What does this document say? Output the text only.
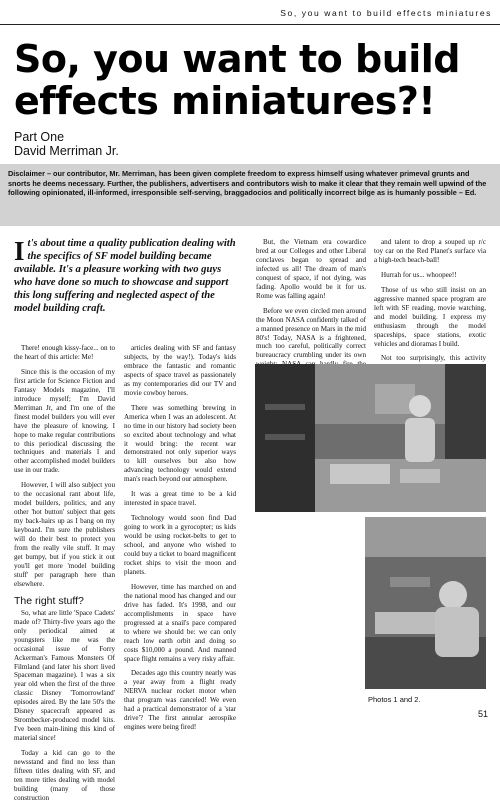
So, you want to build effects miniatures
So, you want to build effects miniatures?!
Part One
David Merriman Jr.
Disclaimer – our contributor, Mr. Merriman, has been given complete freedom to express himself using whatever primeval grunts and snorts he deems necessary. Further, the publishers, advertisers and contributors wish to make it clear that they remain well upwind of the following opinionated, ill-informed, irresponsible self-serving, braggadocios and politically incorrect bilge as is humanly possible – Ed.
It's about time a quality publication dealing with the specifics of SF model building became available. It's a pleasure working with two guys who have done so much to showcase and support this long suffering and neglected aspect of the model building craft.

There! enough kissy-face... on to the heart of this article: Me!

Since this is the occasion of my first article for Science Fiction and Fantasy Models magazine, I'll introduce myself; I'm David Merriman Jr, and I'm one of the finest model builders you will ever have the pleasure of knowing. I hope to make regular contributions to this periodical discussing the techniques and materials I and other accomplished model builders use in our trade.

However, I will also subject you to the occasional rant about life, model builders, politics, and any other 'hot button' subject that gets my back-hairs up as I bang on my keyboard. I'm sure the publishers will do their best to protect you from the really vile stuff. It may get bumpy, but if you stick it out you'll get more 'model building stuff' per paragraph here than elsewhere.

The right stuff?

So, what are little 'Space Cadets' made of? Thirty-five years ago the only periodical aimed at youngsters like me was the occasional issue of Forry Ackerman's Famous Monsters Of Filmland (and later his short lived Spaceman magazine). I was a six year old when the first of the three classic Disney 'Tomorrowland' episodes aired. By the late 50's the Disney spacecraft appeared as Strombecker-produced model kits. I've been main-lining this kind of material since!

Today a kid can go to the newsstand and find no less than fifteen titles dealing with SF, and ten more titles dealing with model building (many of those construction

articles dealing with SF and fantasy subjects, by the way!). Today's kids embrace the fantastic and romantic aspects of space travel as passionately as my contemporaries did our TV and movie cowboy heroes.

There was something brewing in America when I was an adolescent. At no time in our history had society been so excited about technology and what it would bring: the recent war demonstrated not only superior ways to kill ourselves but also how advancing technology would extend man's reach beyond our atmosphere.

It was a great time to be a kid interested in space travel.

Technology would soon find Dad going to work in a gyrocopter; us kids would be using rocket-belts to get to school, and anyone who wished to could buy a ticket to board magnificent rocket ships to visit the moon and planets.

However, time has marched on and the national mood has changed and our drive has faded. It's 1998, and our accomplishments in space have progressed at a snail's pace compared to where we should be: we can only reach low earth orbit and doing so costs $10,000 a pound. And manned space flight remains a very risky affair.

Decades ago this country nearly was a year away from a flight ready NERVA nuclear rocket motor when that program was canceled! We even had a practical demonstrator of a 'star drive'? The first annular aerospike engines were being fired!

But, the Vietnam era cowardice bred at our Colleges and other Liberal conclaves began to spread and infected us all! The dream of man's conquest of space, if not dying, was fading. Apollo would be it for us. Rome was falling again!

Before we even circled men around the Moon NASA confidently talked of a manned presence on Mars in the mid 80's! Today, NASA is a frightened, much too careful, politically correct bureaucracy crumbling under its own

and talent to drop a souped up r/c toy car on the Red Planet's surface via a high-tech beach-ball!

Hurrah for us... whoopee!!

Those of us who still insist on an aggressive manned space program are left with SF reading, movie watching, and model building. I express my enthusiasm through the model spaceships, space stations, exotic vehicles and dioramas I build.

Not too surprisingly, this activity

Photos 1 and 2.
51
